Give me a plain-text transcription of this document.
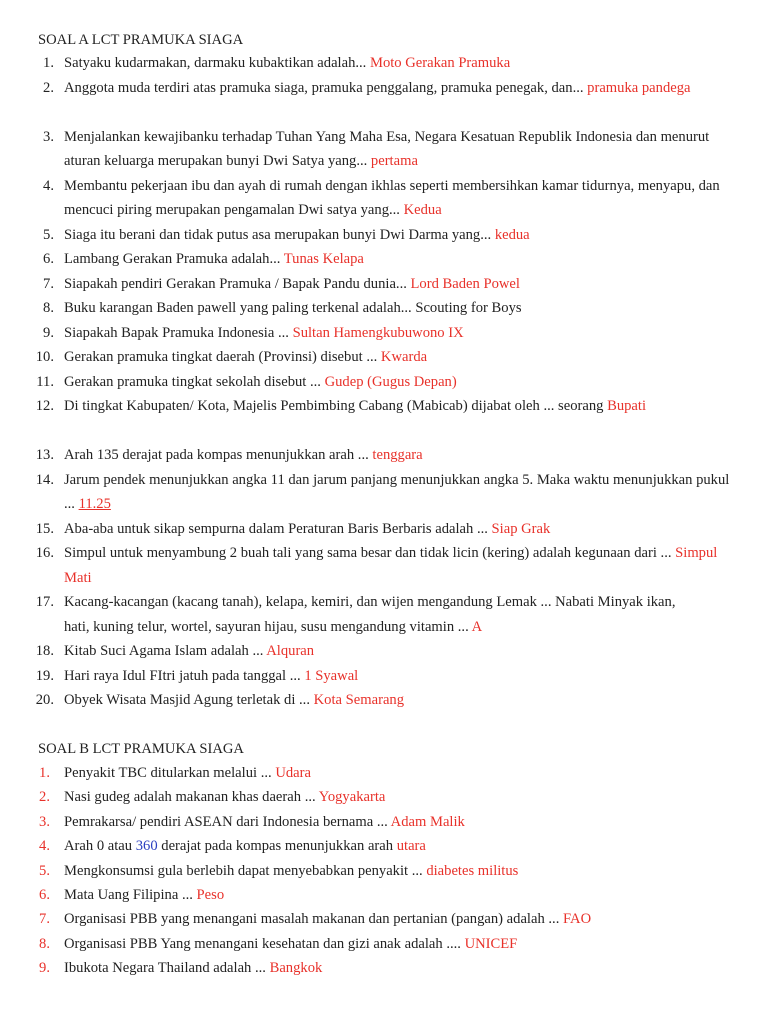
SOAL A LCT PRAMUKA SIAGA
1. Satyaku kudarmakan, darmaku kubaktikan adalah... Moto Gerakan Pramuka
2. Anggota muda terdiri atas pramuka siaga, pramuka penggalang, pramuka penegak, dan... pramuka pandega
3. Menjalankan kewajibanku terhadap Tuhan Yang Maha Esa, Negara Kesatuan Republik Indonesia dan menurut aturan keluarga merupakan bunyi Dwi Satya yang... pertama
4. Membantu pekerjaan ibu dan ayah di rumah dengan ikhlas seperti membersihkan kamar tidurnya, menyapu, dan mencuci piring merupakan pengamalan Dwi satya yang... Kedua
5. Siaga itu berani dan tidak putus asa merupakan bunyi Dwi Darma yang... kedua
6. Lambang Gerakan Pramuka adalah... Tunas Kelapa
7. Siapakah pendiri Gerakan Pramuka / Bapak Pandu dunia... Lord Baden Powel
8. Buku karangan Baden pawell yang paling terkenal adalah... Scouting for Boys
9. Siapakah Bapak Pramuka Indonesia ... Sultan Hamengkubuwono IX
10. Gerakan pramuka tingkat daerah (Provinsi) disebut ... Kwarda
11. Gerakan pramuka tingkat sekolah disebut ... Gudep (Gugus Depan)
12. Di tingkat Kabupaten/ Kota, Majelis Pembimbing Cabang (Mabicab) dijabat oleh ... seorang Bupati
13. Arah 135 derajat pada kompas menunjukkan arah ... tenggara
14. Jarum pendek menunjukkan angka 11 dan jarum panjang menunjukkan angka 5. Maka waktu menunjukkan pukul ... 11.25
15. Aba-aba untuk sikap sempurna dalam Peraturan Baris Berbaris adalah ... Siap Grak
16. Simpul untuk menyambung 2 buah tali yang sama besar dan tidak licin (kering) adalah kegunaan dari ... Simpul Mati
17. Kacang-kacangan (kacang tanah), kelapa, kemiri, dan wijen mengandung Lemak ... Nabati Minyak ikan, hati, kuning telur, wortel, sayuran hijau, susu mengandung vitamin ... A
18. Kitab Suci Agama Islam adalah ... Alquran
19. Hari raya Idul FItri jatuh pada tanggal ... 1 Syawal
20. Obyek Wisata Masjid Agung terletak di ... Kota Semarang
SOAL B LCT PRAMUKA SIAGA
1. Penyakit TBC ditularkan melalui ... Udara
2. Nasi gudeg adalah makanan khas daerah ... Yogyakarta
3. Pemrakarsa/ pendiri ASEAN dari Indonesia bernama ... Adam Malik
4. Arah 0 atau 360 derajat pada kompas menunjukkan arah utara
5. Mengkonsumsi gula berlebih dapat menyebabkan penyakit ... diabetes militus
6. Mata Uang Filipina ... Peso
7. Organisasi PBB yang menangani masalah makanan dan pertanian (pangan) adalah ... FAO
8. Organisasi PBB Yang menangani kesehatan dan gizi anak adalah .... UNICEF
9. Ibukota Negara Thailand adalah ... Bangkok
